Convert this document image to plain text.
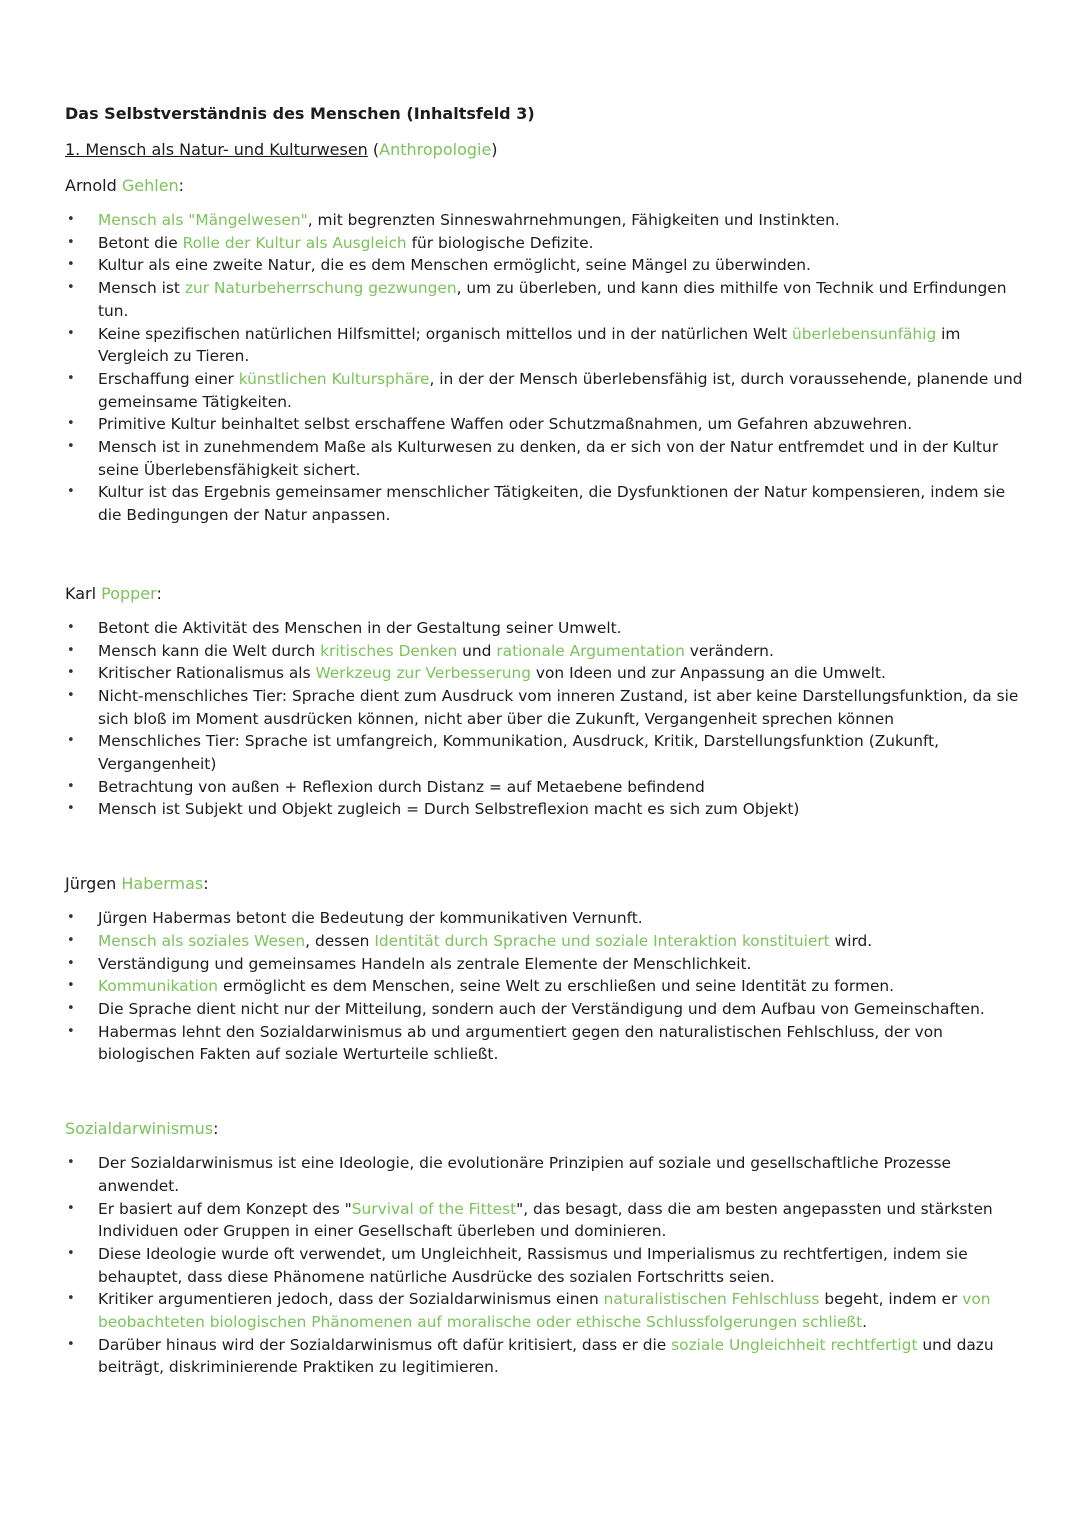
Das Selbstverständnis des Menschen (Inhaltsfeld 3)
1. Mensch als Natur- und Kulturwesen (Anthropologie)
Arnold Gehlen:
• Mensch als "Mängelwesen", mit begrenzten Sinneswahrnehmungen, Fähigkeiten und Instinkten.
• Betont die Rolle der Kultur als Ausgleich für biologische Defizite.
• Kultur als eine zweite Natur, die es dem Menschen ermöglicht, seine Mängel zu überwinden.
• Mensch ist zur Naturbeherrschung gezwungen, um zu überleben, und kann dies mithilfe von Technik und Erfindungen tun.
• Keine spezifischen natürlichen Hilfsmittel; organisch mittellos und in der natürlichen Welt überlebensunfähig im Vergleich zu Tieren.
• Erschaffung einer künstlichen Kultursphäre, in der der Mensch überlebensfähig ist, durch voraussehende, planende und gemeinsame Tätigkeiten.
• Primitive Kultur beinhaltet selbst erschaffene Waffen oder Schutzmaßnahmen, um Gefahren abzuwehren.
• Mensch ist in zunehmendem Maße als Kulturwesen zu denken, da er sich von der Natur entfremdet und in der Kultur seine Überlebensfähigkeit sichert.
• Kultur ist das Ergebnis gemeinsamer menschlicher Tätigkeiten, die Dysfunktionen der Natur kompensieren, indem sie die Bedingungen der Natur anpassen.
Karl Popper:
• Betont die Aktivität des Menschen in der Gestaltung seiner Umwelt.
• Mensch kann die Welt durch kritisches Denken und rationale Argumentation verändern.
• Kritischer Rationalismus als Werkzeug zur Verbesserung von Ideen und zur Anpassung an die Umwelt.
• Nicht-menschliches Tier: Sprache dient zum Ausdruck vom inneren Zustand, ist aber keine Darstellungsfunktion, da sie sich bloß im Moment ausdrücken können, nicht aber über die Zukunft, Vergangenheit sprechen können
• Menschliches Tier: Sprache ist umfangreich, Kommunikation, Ausdruck, Kritik, Darstellungsfunktion (Zukunft, Vergangenheit)
• Betrachtung von außen + Reflexion durch Distanz = auf Metaebene befindend
• Mensch ist Subjekt und Objekt zugleich = Durch Selbstreflexion macht es sich zum Objekt)
Jürgen Habermas:
• Jürgen Habermas betont die Bedeutung der kommunikativen Vernunft.
• Mensch als soziales Wesen, dessen Identität durch Sprache und soziale Interaktion konstituiert wird.
• Verständigung und gemeinsames Handeln als zentrale Elemente der Menschlichkeit.
• Kommunikation ermöglicht es dem Menschen, seine Welt zu erschließen und seine Identität zu formen.
• Die Sprache dient nicht nur der Mitteilung, sondern auch der Verständigung und dem Aufbau von Gemeinschaften.
• Habermas lehnt den Sozialdarwinismus ab und argumentiert gegen den naturalistischen Fehlschluss, der von biologischen Fakten auf soziale Werturteile schließt.
Sozialdarwinismus:
• Der Sozialdarwinismus ist eine Ideologie, die evolutionäre Prinzipien auf soziale und gesellschaftliche Prozesse anwendet.
• Er basiert auf dem Konzept des "Survival of the Fittest", das besagt, dass die am besten angepassten und stärksten Individuen oder Gruppen in einer Gesellschaft überleben und dominieren.
• Diese Ideologie wurde oft verwendet, um Ungleichheit, Rassismus und Imperialismus zu rechtfertigen, indem sie behauptet, dass diese Phänomene natürliche Ausdrücke des sozialen Fortschritts seien.
• Kritiker argumentieren jedoch, dass der Sozialdarwinismus einen naturalistischen Fehlschluss begeht, indem er von beobachteten biologischen Phänomenen auf moralische oder ethische Schlussfolgerungen schließt.
• Darüber hinaus wird der Sozialdarwinismus oft dafür kritisiert, dass er die soziale Ungleichheit rechtfertigt und dazu beiträgt, diskriminierende Praktiken zu legitimieren.
